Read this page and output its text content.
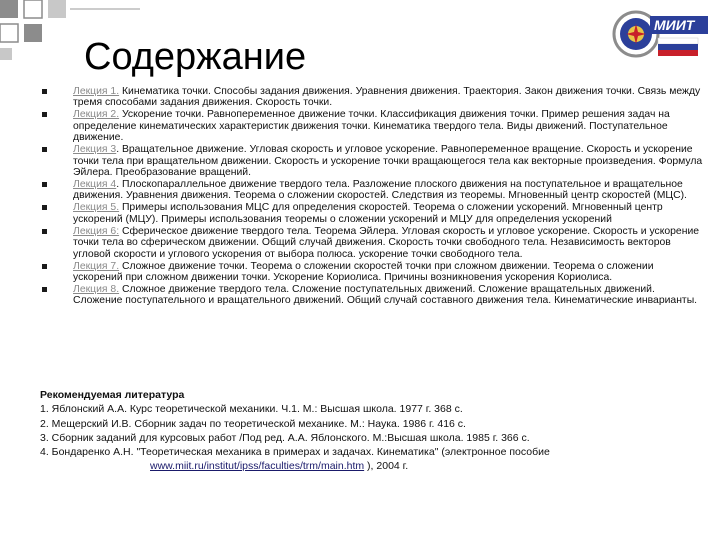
МИИТ
Содержание
Лекция 1. Кинематика точки. Способы задания движения. Уравнения движения. Траектория. Закон движения точки. Связь между тремя способами задания движения. Скорость точки.
Лекция 2. Ускорение точки. Равнопеременное движение точки. Классификация движения точки. Пример решения задач на определение кинематических характеристик движения точки. Кинематика твердого тела. Виды движений. Поступательное движение.
Лекция 3. Вращательное движение. Угловая скорость и угловое ускорение. Равнопеременное вращение. Скорость и ускорение точки тела при вращательном движении. Скорость и ускорение точки вращающегося тела как векторные произведения. Формула Эйлера. Преобразование вращений.
Лекция 4. Плоскопараллельное движение твердого тела. Разложение плоского движения на поступательное и вращательное движения. Уравнения движения. Теорема о сложении скоростей. Следствия из теоремы. Мгновенный центр скоростей (МЦС).
Лекция 5. Примеры использования МЦС для определения скоростей. Теорема о сложении ускорений. Мгновенный центр ускорений (МЦУ). Примеры использования теоремы о сложении ускорений и МЦУ для определения ускорений
Лекция 6: Сферическое движение твердого тела. Теорема Эйлера. Угловая скорость и угловое ускорение. Скорость и ускорение точки тела во сферическом движении. Общий случай движения. Скорость точки свободного тела. Независимость векторов угловой скорости и углового ускорения от выбора полюса. ускорение точки свободного тела.
Лекция 7. Сложное движение точки. Теорема о сложении скоростей точки при сложном движении. Теорема о сложении ускорений при сложном движении точки. Ускорение Кориолиса. Причины возникновения ускорения Кориолиса.
Лекция 8. Сложное движение твердого тела. Сложение поступательных движений. Сложение вращательных движений. Сложение поступательного и вращательного движений. Общий случай составного движения тела. Кинематические инварианты.
Рекомендуемая литература

1. Яблонский А.А. Курс теоретической механики. Ч.1. М.: Высшая школа. 1977 г. 368 с.

2. Мещерский И.В. Сборник задач по теоретической механике. М.: Наука. 1986 г. 416 с.

3. Сборник заданий для курсовых работ /Под ред. А.А. Яблонского. М.:Высшая школа. 1985 г. 366 с.

4. Бондаренко А.Н. "Теоретическая механика в примерах и задачах. Кинематика" (электронное пособие

www.miit.ru/institut/ipss/faculties/trm/main.htm ), 2004 г.
